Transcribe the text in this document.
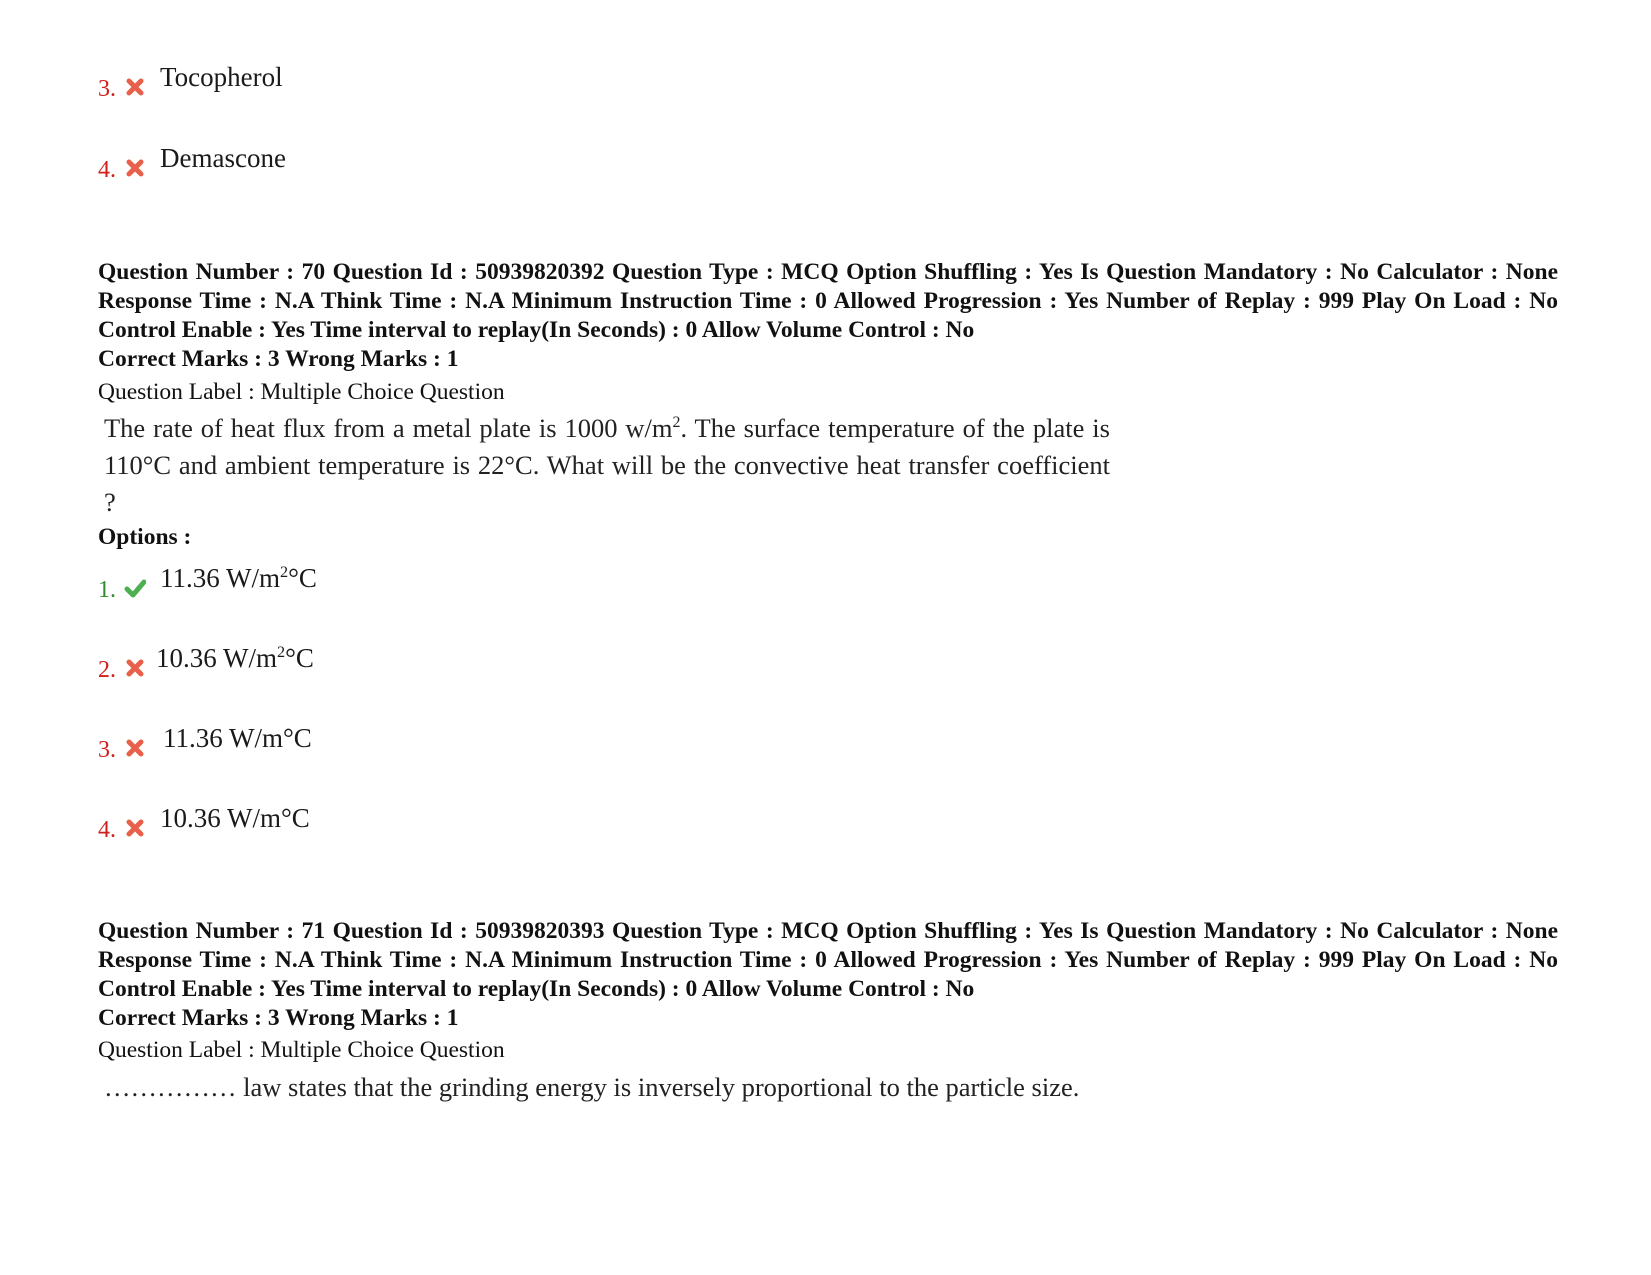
3. Tocopherol
4. Demascone
Question Number : 70 Question Id : 50939820392 Question Type : MCQ Option Shuffling : Yes Is Question Mandatory : No Calculator : None Response Time : N.A Think Time : N.A Minimum Instruction Time : 0 Allowed Progression : Yes Number of Replay : 999 Play On Load : No Control Enable : Yes Time interval to replay(In Seconds) : 0 Allow Volume Control : No
Correct Marks : 3 Wrong Marks : 1
Question Label : Multiple Choice Question
The rate of heat flux from a metal plate is 1000 $w/m^2$. The surface temperature of the plate is 110°C and ambient temperature is 22°C. What will be the convective heat transfer coefficient ?
Options :
1. 11.36 $W/m^2^\circ C$
2. 10.36 $W/m^2^\circ C$
3. 11.36 W/m°C
4. 10.36 W/m°C
Question Number : 71 Question Id : 50939820393 Question Type : MCQ Option Shuffling : Yes Is Question Mandatory : No Calculator : None Response Time : N.A Think Time : N.A Minimum Instruction Time : 0 Allowed Progression : Yes Number of Replay : 999 Play On Load : No Control Enable : Yes Time interval to replay(In Seconds) : 0 Allow Volume Control : No
Correct Marks : 3 Wrong Marks : 1
Question Label : Multiple Choice Question
…………… law states that the grinding energy is inversely proportional to the particle size.
